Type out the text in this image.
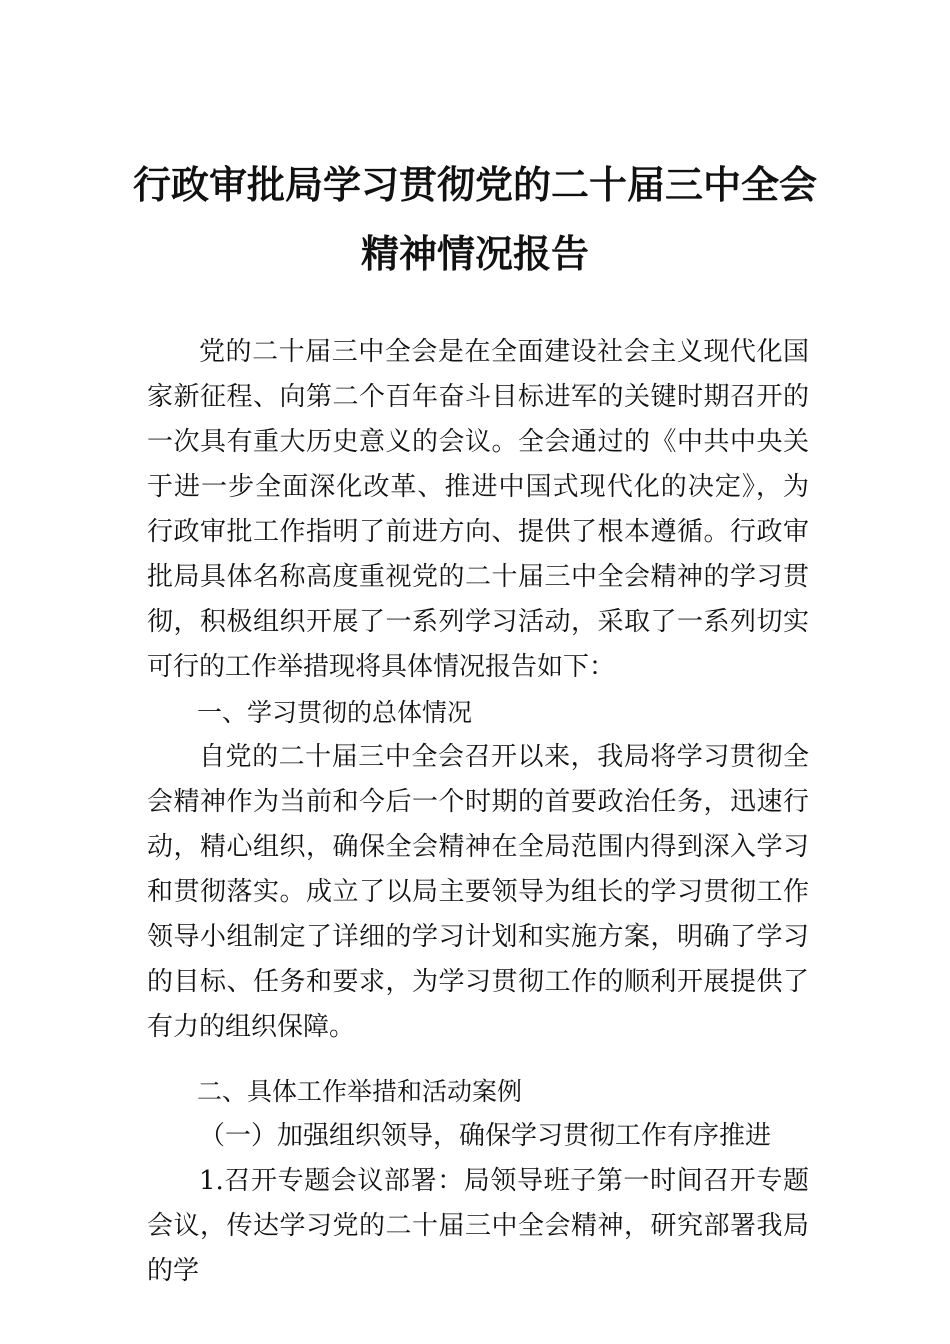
行政审批局学习贯彻党的二十届三中全会
精神情况报告

党的二十届三中全会是在全面建设社会主义现代化国家新征程、向第二个百年奋斗目标进军的关键时期召开的一次具有重大历史意义的会议。全会通过的《中共中央关于进一步全面深化改革、推进中国式现代化的决定》，为行政审批工作指明了前进方向、提供了根本遵循。行政审批局具体名称高度重视党的二十届三中全会精神的学习贯彻，积极组织开展了一系列学习活动，采取了一系列切实可行的工作举措现将具体情况报告如下：

一、学习贯彻的总体情况

自党的二十届三中全会召开以来，我局将学习贯彻全会精神作为当前和今后一个时期的首要政治任务，迅速行动，精心组织，确保全会精神在全局范围内得到深入学习和贯彻落实。成立了以局主要领导为组长的学习贯彻工作领导小组制定了详细的学习计划和实施方案，明确了学习的目标、任务和要求，为学习贯彻工作的顺利开展提供了有力的组织保障。

二、具体工作举措和活动案例

（一）加强组织领导，确保学习贯彻工作有序推进

1.召开专题会议部署：局领导班子第一时间召开专题会议，传达学习党的二十届三中全会精神，研究部署我局的学
